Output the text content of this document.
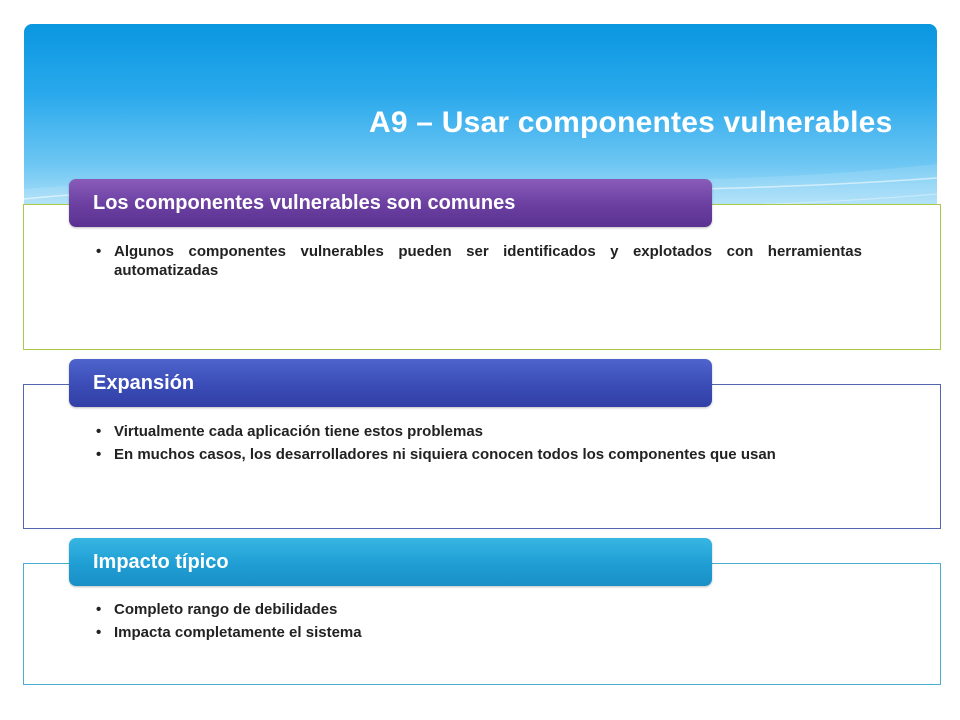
A9 – Usar componentes vulnerables
• Algunos componentes vulnerables pueden ser identificados y explotados con herramientas automatizadas
• Virtualmente cada aplicación tiene estos problemas
• En muchos casos, los desarrolladores ni siquiera conocen todos los componentes que usan
• Completo rango de debilidades
• Impacta completamente el sistema
Los componentes vulnerables son comunes
Expansión
Impacto típico
